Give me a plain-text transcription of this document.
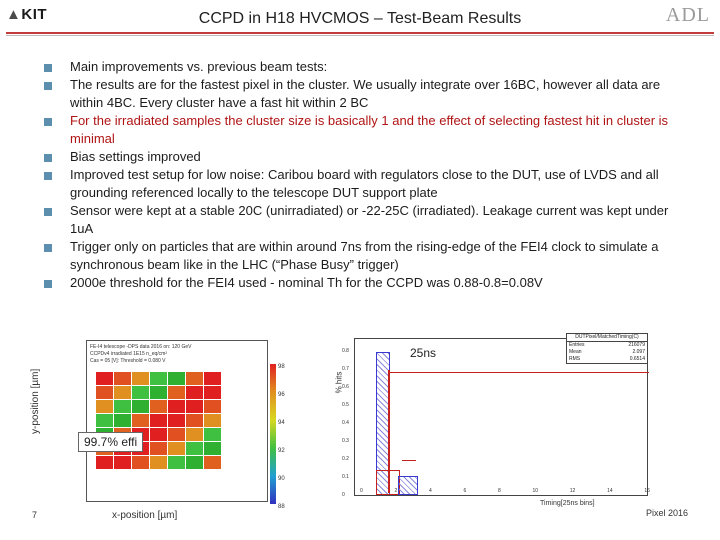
▲KIT	CCPD in H18 HVCMOS – Test-Beam Results	ADL
Main improvements vs. previous beam tests:
The results are for the fastest pixel in the cluster. We usually integrate over 16BC, however all data are within 4BC. Every cluster have a fast hit within 2 BC
For the irradiated samples the cluster size is basically 1 and the effect of selecting fastest hit in cluster is minimal
Bias settings improved
Improved test setup for low noise: Caribou board with regulators close to the DUT, use of LVDS and all grounding referenced locally to the telescope DUT support plate
Sensor were kept at a stable 20C (unirradiated) or -22-25C (irradiated). Leakage current was kept under 1uA
Trigger only on particles that are within around 7ns from the rising-edge of the FEI4 clock to simulate a synchronous beam like in the LHC (“Phase Busy” trigger)
2000e threshold for the FEI4 used - nominal Th for the CCPD was 0.88-0.8=0.08V
y-position [µm]
FE-I4 telescope -DPS data 2016 on: 120 GeV
CCPDv4 irradiated 1E15 n_eq/cm²
Cas = 05 [V]: Threshold = 0.080 V
98
96
94
92
90
88
99.7% effi
x-position [µm]
7
% hits
0.8
0.7
0.6
0.5
0.4
0.3
0.2
0.1
0
0	2	4	6	8	10	12	14	16
25ns
DUTPixel/MatchedTiming(C)
Entries	216079
Mean	2.097
RMS	0.6514
Timing[25ns bins]
Pixel 2016
